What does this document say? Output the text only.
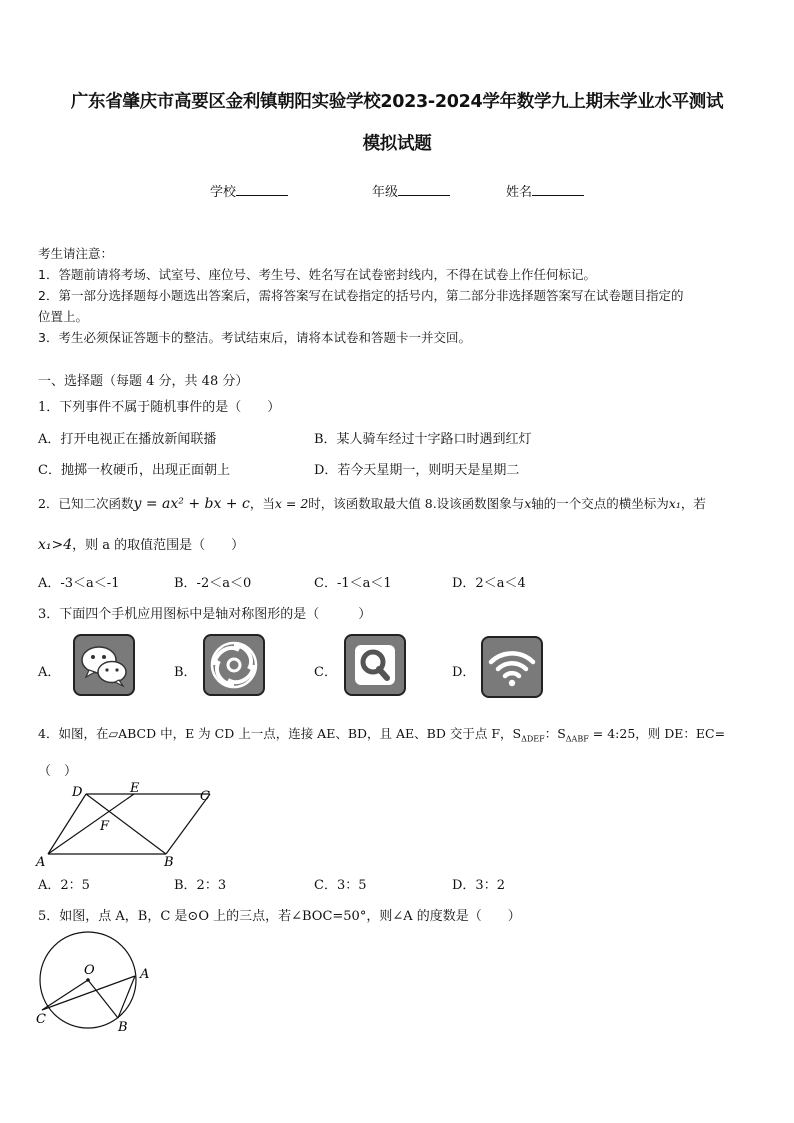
广东省肇庆市高要区金利镇朝阳实验学校2023-2024学年数学九上期末学业水平测试
模拟试题
学校	年级	姓名
考生请注意：
1．答题前请将考场、试室号、座位号、考生号、姓名写在试卷密封线内，不得在试卷上作任何标记。
2．第一部分选择题每小题选出答案后，需将答案写在试卷指定的括号内，第二部分非选择题答案写在试卷题目指定的
位置上。
3．考生必须保证答题卡的整洁。考试结束后，请将本试卷和答题卡一并交回。
一、选择题（每题 4 分，共 48 分）
1．下列事件不属于随机事件的是（　　）
A．打开电视正在播放新闻联播	B．某人骑车经过十字路口时遇到红灯
C．抛掷一枚硬币，出现正面朝上	D．若今天星期一，则明天是星期二
2．已知二次函数y = ax² + bx + c，当x = 2时，该函数取最大值 8.设该函数图象与x轴的一个交点的横坐标为x₁，若
x₁>4，则 a 的取值范围是（　　）
A．-3＜a＜-1	B．-2＜a＜0	C．-1＜a＜1	D．2＜a＜4
3．下面四个手机应用图标中是轴对称图形的是（　　　）
A．	B．	C．	D．
4．如图，在▱ABCD 中，E 为 CD 上一点，连接 AE、BD，且 AE、BD 交于点 F，$S_{\Delta DEF}$：$S_{\Delta ABF}$ = 4:25，则 DE：EC=
（　）
D	E
C
F
A	B
A．2：5	B．2：3	C．3：5	D．3：2
5．如图，点 A，B，C 是⊙O 上的三点，若∠BOC=50°，则∠A 的度数是（　　）
O	A
B
C
